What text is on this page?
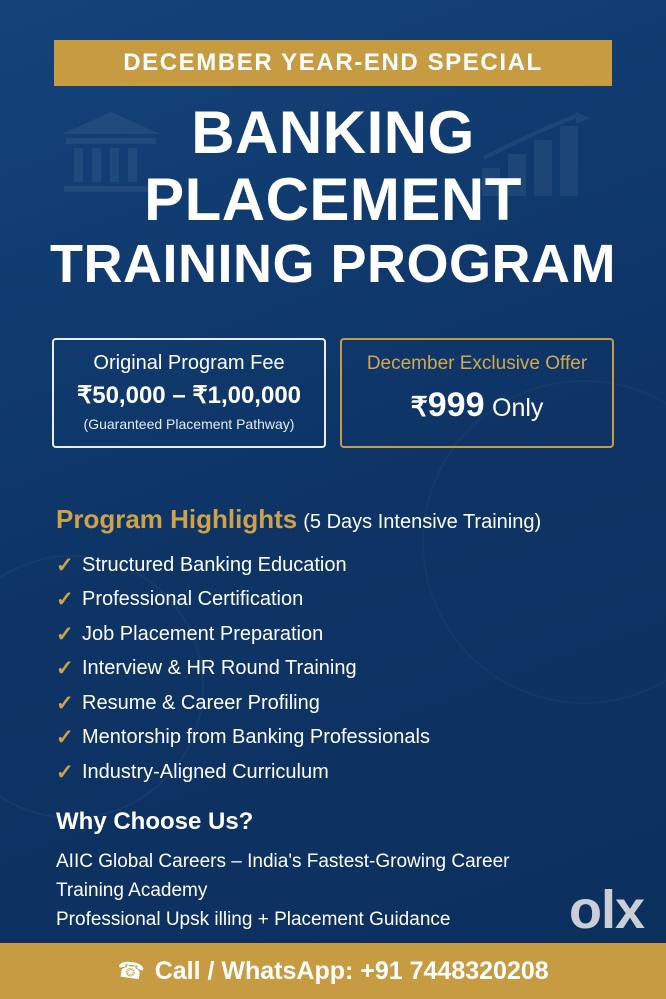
DECEMBER YEAR-END SPECIAL
BANKING
PLACEMENT
TRAINING PROGRAM
Original Program Fee
₹50,000 – ₹1,00,000
(Guaranteed Placement Pathway)
December Exclusive Offer
₹999 Only
Program Highlights (5 Days Intensive Training)
✓ Structured Banking Education
✓ Professional Certification
✓ Job Placement Preparation
✓ Interview & HR Round Training
✓ Resume & Career Profiling
✓ Mentorship from Banking Professionals
✓ Industry-Aligned Curriculum
Why Choose Us?
AIIC Global Careers – India's Fastest-Growing Career
Training Academy
Professional Upsk illing + Placement Guidance	olx
☎ Call / WhatsApp: +91 7448320208
